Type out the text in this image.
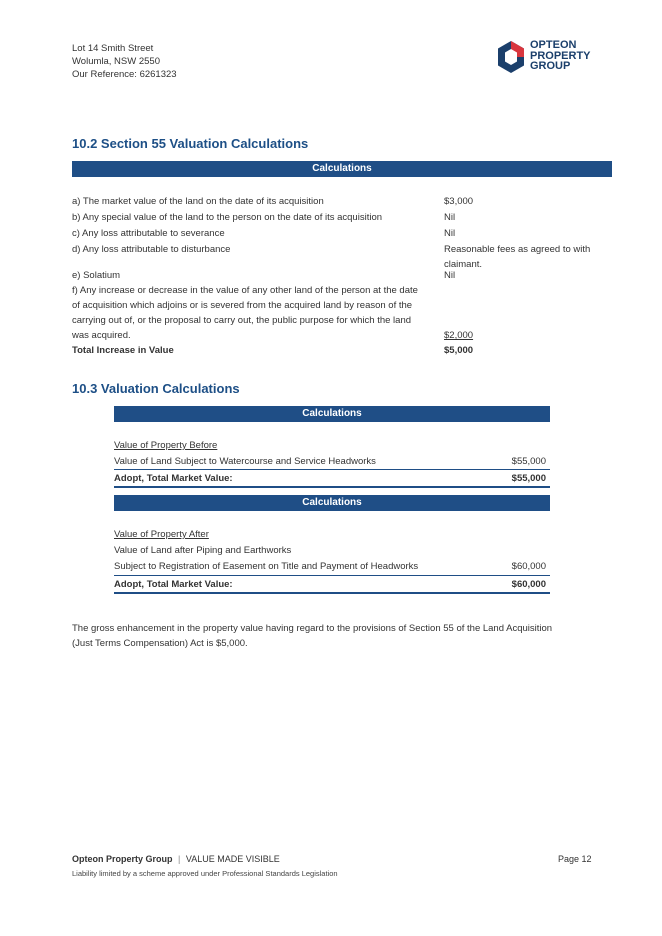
Lot 14 Smith Street
Wolumla, NSW 2550
Our Reference: 6261323
OPTEON
PROPERTY
GROUP
10.2 Section 55 Valuation Calculations
Calculations
a) The market value of the land on the date of its acquisition	$3,000
b) Any special value of the land to the person on the date of its acquisition	Nil
c) Any loss attributable to severance	Nil
d) Any loss attributable to disturbance	Reasonable fees as agreed to with
claimant.
e) Solatium	Nil
f) Any increase or decrease in the value of any other land of the person at the date
of acquisition which adjoins or is severed from the acquired land by reason of the
carrying out of, or the proposal to carry out, the public purpose for which the land
was acquired.	$2,000
Total Increase in Value	$5,000
10.3 Valuation Calculations
Calculations
Value of Property Before
Value of Land Subject to Watercourse and Service Headworks	$55,000
Adopt, Total Market Value:	$55,000
Calculations
Value of Property After
Value of Land after Piping and Earthworks
Subject to Registration of Easement on Title and Payment of Headworks	$60,000
Adopt, Total Market Value:	$60,000
The gross enhancement in the property value having regard to the provisions of Section 55 of the Land Acquisition
(Just Terms Compensation) Act is $5,000.
Opteon Property Group | VALUE MADE VISIBLE
Liability limited by a scheme approved under Professional Standards Legislation
Page 12
